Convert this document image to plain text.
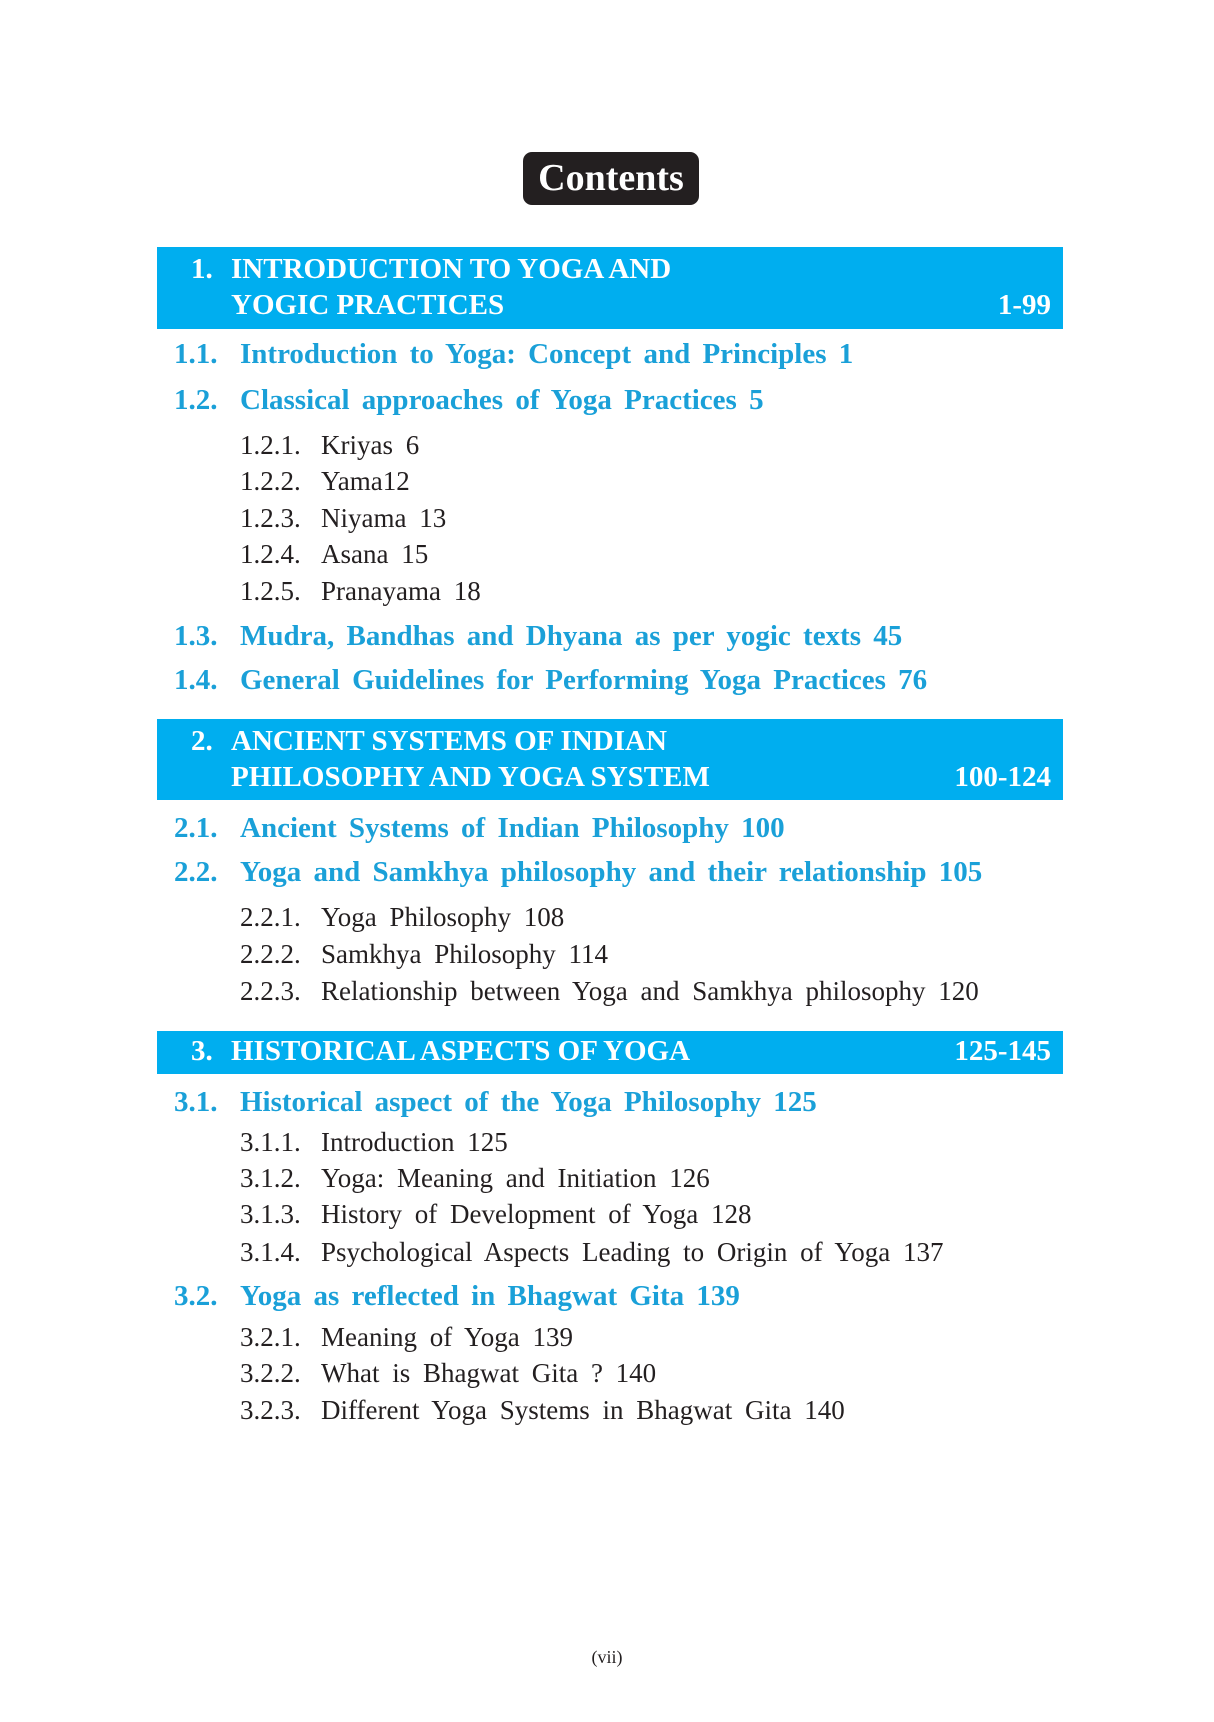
Contents
1. INTRODUCTION TO YOGA AND
YOGIC PRACTICES	1-99
1.1. Introduction to Yoga: Concept and Principles 1
1.2. Classical approaches of Yoga Practices 5
1.2.1. Kriyas 6
1.2.2. Yama12
1.2.3. Niyama 13
1.2.4. Asana 15
1.2.5. Pranayama 18
1.3. Mudra, Bandhas and Dhyana as per yogic texts 45
1.4. General Guidelines for Performing Yoga Practices 76
2. ANCIENT SYSTEMS OF INDIAN
PHILOSOPHY AND YOGA SYSTEM	100-124
2.1. Ancient Systems of Indian Philosophy 100
2.2. Yoga and Samkhya philosophy and their relationship 105
2.2.1. Yoga Philosophy 108
2.2.2. Samkhya Philosophy 114
2.2.3. Relationship between Yoga and Samkhya philosophy 120
3. HISTORICAL ASPECTS OF YOGA	125-145
3.1. Historical aspect of the Yoga Philosophy 125
3.1.1. Introduction 125
3.1.2. Yoga: Meaning and Initiation 126
3.1.3. History of Development of Yoga 128
3.1.4. Psychological Aspects Leading to Origin of Yoga 137
3.2. Yoga as reflected in Bhagwat Gita 139
3.2.1. Meaning of Yoga 139
3.2.2. What is Bhagwat Gita ? 140
3.2.3. Different Yoga Systems in Bhagwat Gita 140
(vii)
